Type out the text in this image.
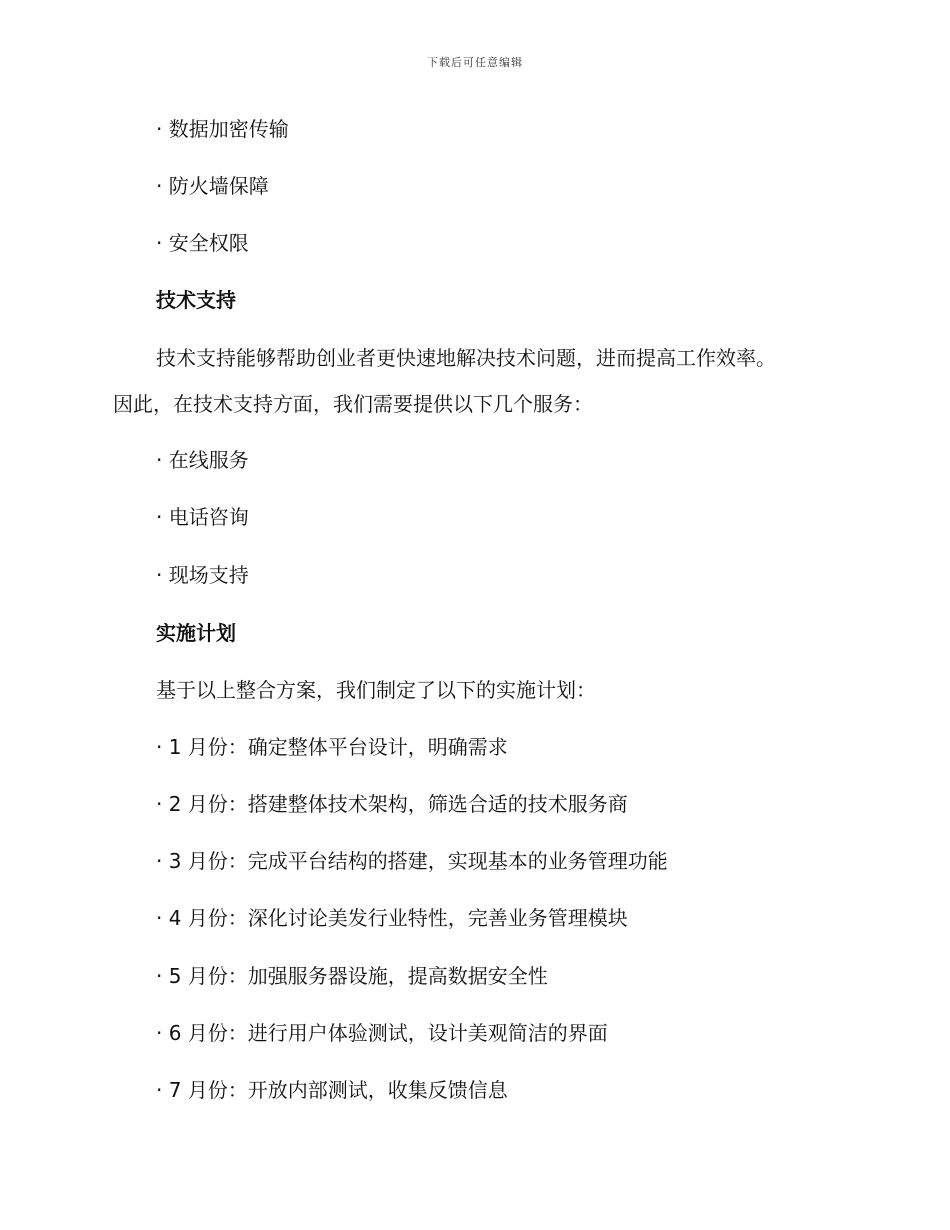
下载后可任意编辑
· 数据加密传输
· 防火墙保障
· 安全权限
技术支持
技术支持能够帮助创业者更快速地解决技术问题，进而提高工作效率。
因此，在技术支持方面，我们需要提供以下几个服务：
· 在线服务
· 电话咨询
· 现场支持
实施计划
基于以上整合方案，我们制定了以下的实施计划：
· 1 月份：确定整体平台设计，明确需求
· 2 月份：搭建整体技术架构，筛选合适的技术服务商
· 3 月份：完成平台结构的搭建，实现基本的业务管理功能
· 4 月份：深化讨论美发行业特性，完善业务管理模块
· 5 月份：加强服务器设施，提高数据安全性
· 6 月份：进行用户体验测试，设计美观简洁的界面
· 7 月份：开放内部测试，收集反馈信息
